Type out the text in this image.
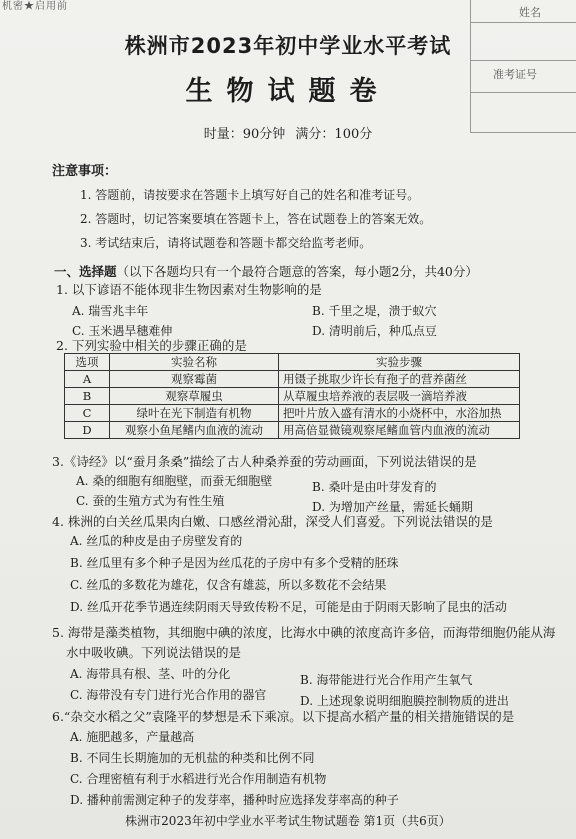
机密★启用前	姓名
准考证号
株洲市2023年初中学业水平考试
生物试题卷
时量：90分钟 满分：100分
注意事项：
1. 答题前，请按要求在答题卡上填写好自己的姓名和准考证号。
2. 答题时，切记答案要填在答题卡上，答在试题卷上的答案无效。
3. 考试结束后，请将试题卷和答题卡都交给监考老师。
一、选择题（以下各题均只有一个最符合题意的答案，每小题2分，共40分）
1. 以下谚语不能体现非生物因素对生物影响的是
A. 瑞雪兆丰年	B. 千里之堤，溃于蚁穴
C. 玉米遇旱穗难伸	D. 清明前后，种瓜点豆
2. 下列实验中相关的步骤正确的是
选项	实验名称	实验步骤
A	观察霉菌	用镊子挑取少许长有孢子的营养菌丝
B	观察草履虫	从草履虫培养液的表层吸一滴培养液
C	绿叶在光下制造有机物	把叶片放入盛有清水的小烧杯中，水浴加热
D	观察小鱼尾鳍内血液的流动	用高倍显微镜观察尾鳍血管内血液的流动
3.《诗经》以“蚕月条桑”描绘了古人种桑养蚕的劳动画面，下列说法错误的是
A. 桑的细胞有细胞壁，而蚕无细胞壁	B. 桑叶是由叶芽发育的
C. 蚕的生殖方式为有性生殖	D. 为增加产丝量，需延长蛹期
4. 株洲的白关丝瓜果肉白嫩、口感丝滑沁甜，深受人们喜爱。下列说法错误的是
A. 丝瓜的种皮是由子房壁发育的
B. 丝瓜里有多个种子是因为丝瓜花的子房中有多个受精的胚珠
C. 丝瓜的多数花为雄花，仅含有雄蕊，所以多数花不会结果
D. 丝瓜开花季节遇连续阴雨天导致传粉不足，可能是由于阴雨天影响了昆虫的活动
5. 海带是藻类植物，其细胞中碘的浓度，比海水中碘的浓度高许多倍，而海带细胞仍能从海
水中吸收碘。下列说法错误的是
A. 海带具有根、茎、叶的分化	B. 海带能进行光合作用产生氧气
C. 海带没有专门进行光合作用的器官	D. 上述现象说明细胞膜控制物质的进出
6.“杂交水稻之父”袁隆平的梦想是禾下乘凉。以下提高水稻产量的相关措施错误的是
A. 施肥越多，产量越高
B. 不同生长期施加的无机盐的种类和比例不同
C. 合理密植有利于水稻进行光合作用制造有机物
D. 播种前需测定种子的发芽率，播种时应选择发芽率高的种子
株洲市2023年初中学业水平考试生物试题卷 第1页（共6页）
